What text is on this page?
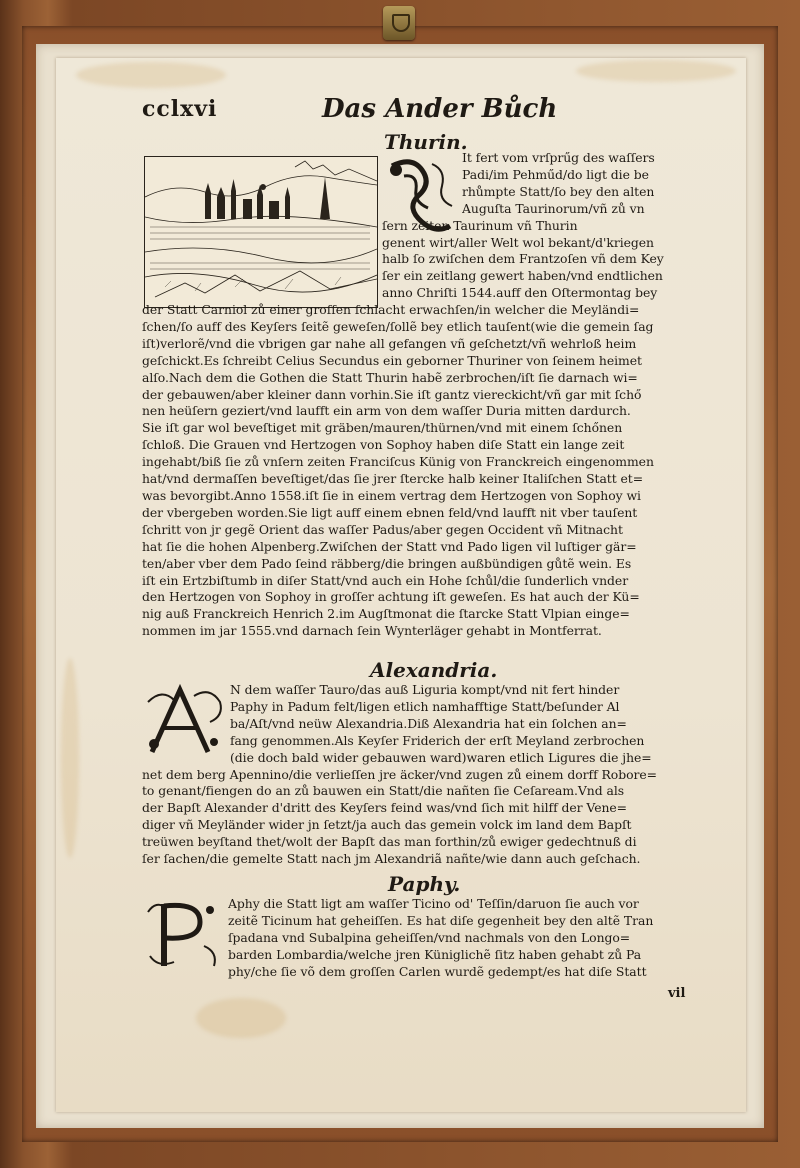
cclxvi	Das Ander Bůch
Thurin.
It fert vom vrſprűg des waſſers
Padi/im Pehműd/do ligt die be
rhůmpte Statt/ſo bey den alten
Auguſta Taurinorum/vñ zů vn
ſern zeiten Taurinum vñ Thurin
genent wirt/aller Welt wol bekant/d'kriegen
halb ſo zwiſchen dem Frantzoſen vñ dem Key
ſer ein zeitlang gewert haben/vnd endtlichen
anno Chriſti 1544.auff den Oſtermontag bey
der Statt Carniol zů einer groſſen ſchlacht erwachſen/in welcher die Meyländi=
ſchen/ſo auff des Keyſers ſeitẽ geweſen/ſollẽ bey etlich tauſent(wie die gemein ſag
iſt)verlorẽ/vnd die vbrigen gar nahe all gefangen vñ geſchetzt/vñ wehrloß heim
geſchickt.Es ſchreibt Celius Secundus ein geborner Thuriner von ſeinem heimet
alſo.Nach dem die Gothen die Statt Thurin habẽ zerbrochen/iſt ſie darnach wi=
der gebauwen/aber kleiner dann vorhin.Sie iſt gantz viereckicht/vñ gar mit ſchő
nen heüſern geziert/vnd laufft ein arm von dem waſſer Duria mitten dardurch.
Sie iſt gar wol beveſtiget mit gräben/mauren/thürnen/vnd mit einem ſchőnen
ſchloß. Die Grauen vnd Hertzogen von Sophoy haben diſe Statt ein lange zeit
ingehabt/biß ſie zů vnſern zeiten Franciſcus Künig von Franckreich eingenommen
hat/vnd dermaſſen beveſtiget/das ſie jrer ſtercke halb keiner Italiſchen Statt et=
was bevorgibt.Anno 1558.iſt ſie in einem vertrag dem Hertzogen von Sophoy wi
der vbergeben worden.Sie ligt auff einem ebnen feld/vnd laufft nit vber tauſent
ſchritt von jr gegẽ Orient das waſſer Padus/aber gegen Occident vñ Mitnacht
hat ſie die hohen Alpenberg.Zwiſchen der Statt vnd Pado ligen vil luſtiger gär=
ten/aber vber dem Pado ſeind räbberg/die bringen außbündigen gůtẽ wein. Es
iſt ein Ertzbiſtumb in diſer Statt/vnd auch ein Hohe ſchůl/die ſunderlich vnder
den Hertzogen von Sophoy in groſſer achtung iſt geweſen. Es hat auch der Kü=
nig auß Franckreich Henrich 2.im Augſtmonat die ſtarcke Statt Vlpian einge=
nommen im jar 1555.vnd darnach ſein Wynterläger gehabt in Montferrat.
Alexandria.
N dem waſſer Tauro/das auß Liguria kompt/vnd nit fert hinder
Paphy in Padum felt/ligen etlich namhafftige Statt/beſunder Al
ba/Aſt/vnd neüw Alexandria.Diß Alexandria hat ein ſolchen an=
fang genommen.Als Keyſer Friderich der erſt Meyland zerbrochen
(die doch bald wider gebauwen ward)waren etlich Ligures die jhe=
net dem berg Apennino/die verlieſſen jre äcker/vnd zugen zů einem dorff Robore=
to genant/fiengen do an zů bauwen ein Statt/die nañten ſie Ceſaream.Vnd als
der Bapſt Alexander d'dritt des Keyſers feind was/vnd ſich mit hilff der Vene=
diger vñ Meyländer wider jn ſetzt/ja auch das gemein volck im land dem Bapſt
treüwen beyſtand thet/wolt der Bapſt das man forthin/zů ewiger gedechtnuß di
ſer ſachen/die gemelte Statt nach jm Alexandriã nañte/wie dann auch geſchach.
Paphy.
Aphy die Statt ligt am waſſer Ticino od' Teſſin/daruon ſie auch vor
zeitẽ Ticinum hat geheiſſen. Es hat diſe gegenheit bey den altẽ Tran
ſpadana vnd Subalpina geheiſſen/vnd nachmals von den Longo=
barden Lombardia/welche jren Küniglichẽ ſitz haben gehabt zů Pa
phy/che ſie võ dem groſſen Carlen wurdẽ gedempt/es hat diſe Statt
vil
